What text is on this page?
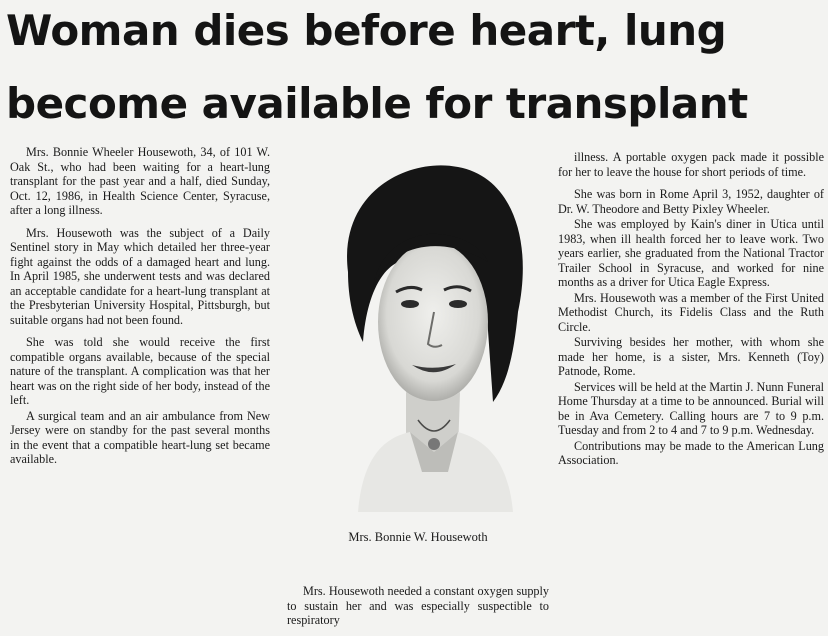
Woman dies before heart, lung
become available for transplant

Mrs. Bonnie Wheeler Housewoth, 34, of 101 W. Oak St., who had been waiting for a heart-lung transplant for the past year and a half, died Sunday, Oct. 12, 1986, in Health Science Center, Syracuse, after a long illness.

Mrs. Housewoth was the subject of a Daily Sentinel story in May which detailed her three-year fight against the odds of a damaged heart and lung. In April 1985, she underwent tests and was declared an acceptable candidate for a heart-lung transplant at the Presbyterian University Hospital, Pittsburgh, but suitable organs had not been found.

She was told she would receive the first compatible organs available, because of the special nature of the transplant. A complication was that her heart was on the right side of her body, instead of the left.

A surgical team and an air ambulance from New Jersey were on standby for the past several months in the event that a compatible heart-lung set became available.

Mrs. Bonnie W. Housewoth

Mrs. Housewoth needed a constant oxygen supply to sustain her and was especially suspectible to respiratory

illness. A portable oxygen pack made it possible for her to leave the house for short periods of time.

She was born in Rome April 3, 1952, daughter of Dr. W. Theodore and Betty Pixley Wheeler.

She was employed by Kain's diner in Utica until 1983, when ill health forced her to leave work. Two years earlier, she graduated from the National Tractor Trailer School in Syracuse, and worked for nine months as a driver for Utica Eagle Express.

Mrs. Housewoth was a member of the First United Methodist Church, its Fidelis Class and the Ruth Circle.

Surviving besides her mother, with whom she made her home, is a sister, Mrs. Kenneth (Toy) Patnode, Rome.

Services will be held at the Martin J. Nunn Funeral Home Thursday at a time to be announced. Burial will be in Ava Cemetery. Calling hours are 7 to 9 p.m. Tuesday and from 2 to 4 and 7 to 9 p.m. Wednesday.

Contributions may be made to the American Lung Association.
